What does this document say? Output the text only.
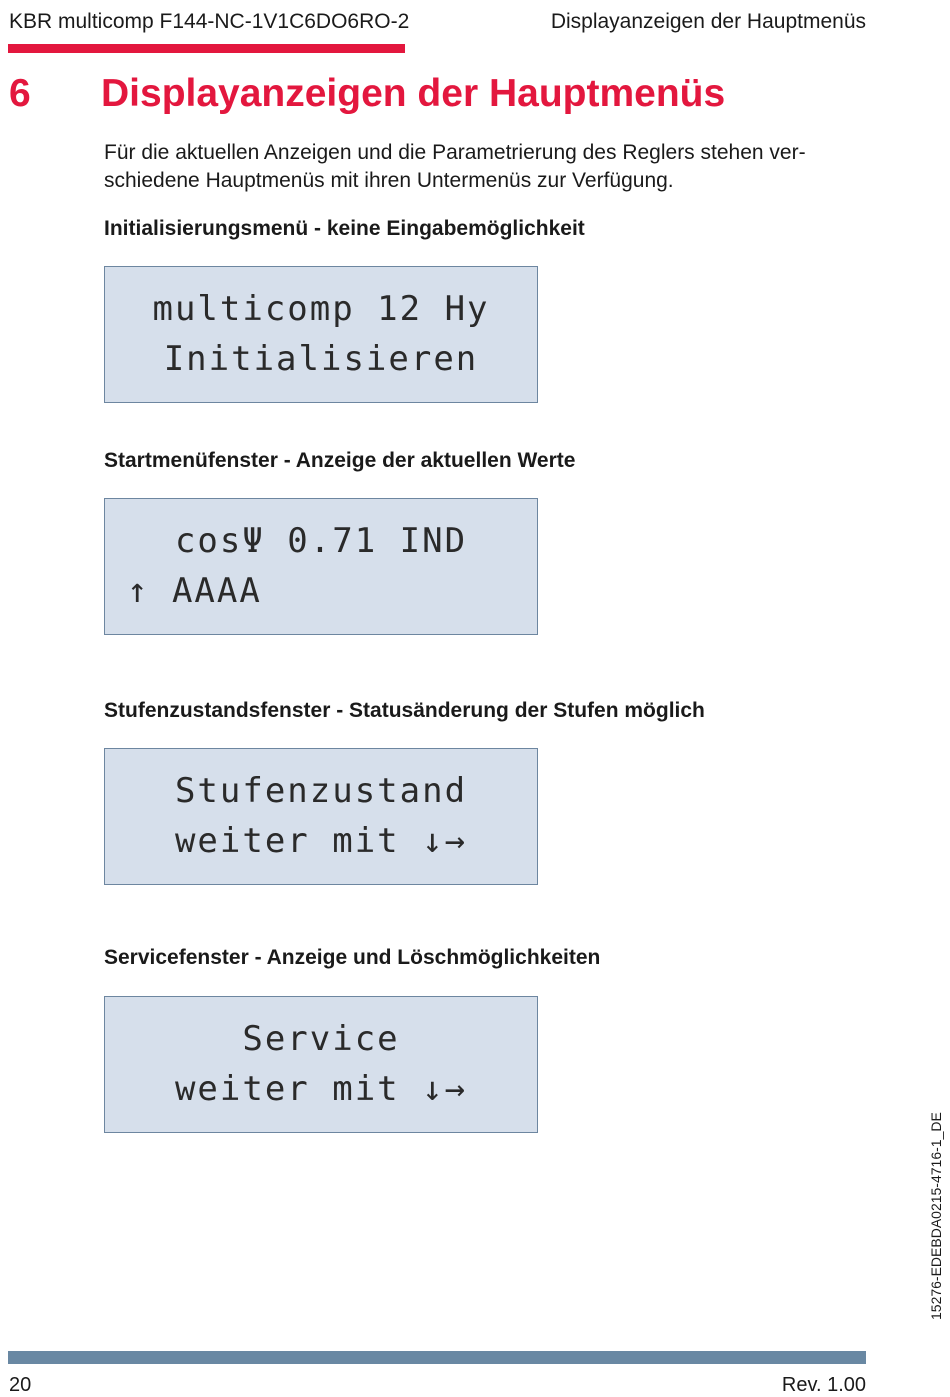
KBR multicomp F144-NC-1V1C6DO6RO-2	Displayanzeigen der Hauptmenüs
6 Displayanzeigen der Hauptmenüs
Für die aktuellen Anzeigen und die Parametrierung des Reglers stehen ver-
schiedene Hauptmenüs mit ihren Untermenüs zur Verfügung.
Initialisierungsmenü - keine Eingabemöglichkeit
multicomp 12 Hy
Initialisieren
Startmenüfenster - Anzeige der aktuellen Werte
cosΨ 0.71 IND
↑ AAAA
Stufenzustandsfenster - Statusänderung der Stufen möglich
Stufenzustand
weiter mit ↓→
Servicefenster - Anzeige und Löschmöglichkeiten
Service
weiter mit ↓→
15276-EDEBDA0215-4716-1_DE
20	Rev. 1.00
